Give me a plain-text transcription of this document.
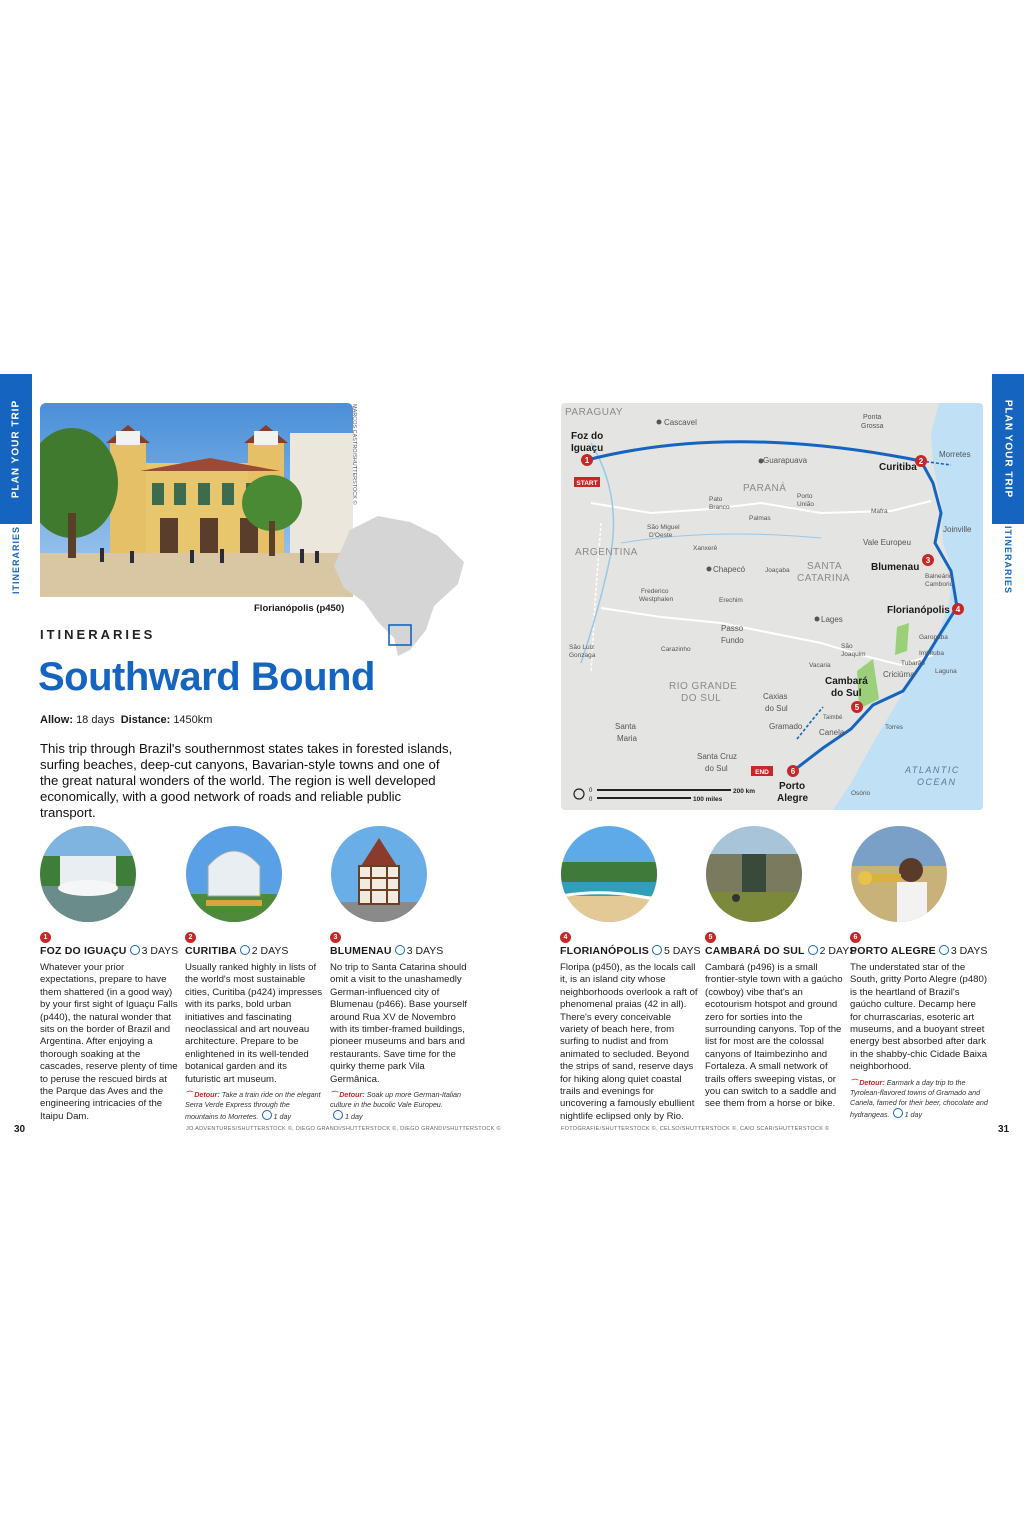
PLAN YOUR TRIP
ITINERARIES
PLAN YOUR TRIP
ITINERARIES
MARCOS CASTRO/SHUTTERSTOCK ©
Florianópolis (p450)
ITINERARIES
Southward Bound
Allow: 18 days Distance: 1450km
This trip through Brazil's southernmost states takes in forested islands, surfing beaches, deep-cut canyons, Bavarian-style towns and one of the great natural wonders of the world. The region is well developed economically, with a good network of roads and reliable public transport.
1
FOZ DO IGUAÇU 3 DAYS
Whatever your prior expectations, prepare to have them shattered (in a good way) by your first sight of Iguaçu Falls (p440), the natural wonder that sits on the border of Brazil and Argentina. After enjoying a thorough soaking at the cascades, reserve plenty of time to peruse the rescued birds at the Parque das Aves and the engineering intricacies of the Itaipu Dam.
2
CURITIBA 2 DAYS
Usually ranked highly in lists of the world's most sustainable cities, Curitiba (p424) impresses with its parks, bold urban initiatives and fascinating neoclassical and art nouveau architecture. Prepare to be enlightened in its well-tended botanical garden and its futuristic art museum.
⌒ Detour: Take a train ride on the elegant Serra Verde Express through the mountains to Morretes. 1 day
3
BLUMENAU 3 DAYS
No trip to Santa Catarina should omit a visit to the unashamedly German-influenced city of Blumenau (p466). Base yourself around Rua XV de Novembro with its timber-framed buildings, pioneer museums and bars and restaurants. Save time for the quirky theme park Vila Germânica.
⌒ Detour: Soak up more German-Italian culture in the bucolic Vale Europeu.
1 day
4
FLORIANÓPOLIS 5 DAYS
Floripa (p450), as the locals call it, is an island city whose neighborhoods overlook a raft of phenomenal praias (42 in all). There's every conceivable variety of beach here, from surfing to nudist and from animated to secluded. Beyond the strips of sand, reserve days for hiking along quiet coastal trails and evenings for uncovering a famously ebullient nightlife eclipsed only by Rio.
5
CAMBARÁ DO SUL 2 DAYS
Cambará (p496) is a small frontier-style town with a gaúcho (cowboy) vibe that's an ecotourism hotspot and ground zero for sorties into the surrounding canyons. Top of the list for most are the colossal canyons of Itaimbezinho and Fortaleza. A small network of trails offers sweeping vistas, or you can switch to a saddle and see them from a horse or bike.
6
PORTO ALEGRE 3 DAYS
The understated star of the South, gritty Porto Alegre (p480) is the heartland of Brazil's gaúcho culture. Decamp here for churrascarias, esoteric art museums, and a buoyant street energy best absorbed after dark in the shabby-chic Cidade Baixa neighborhood.
⌒ Detour: Earmark a day trip to the Tyrolean-flavored towns of Gramado and Canela, famed for their beer, chocolate and hydrangeas. 1 day
30	31
JO ADVENTURES/SHUTTERSTOCK ©, DIEGO GRANDI/SHUTTERSTOCK ©, DIEGO GRANDI/SHUTTERSTOCK ©	FOTOGRAFIE/SHUTTERSTOCK ©, CELSO/SHUTTERSTOCK ©, CAIO SCAR/SHUTTERSTOCK ©
1	2
3
4
5
6
START
END
PARAGUAY
ARGENTINA
PARANÁ
SANTA
CATARINA
RIO GRANDE
DO SUL
ATLANTIC
OCEAN
Foz do
Iguaçu
Curitiba
Blumenau
Florianópolis
Cambará
do Sul
Porto
Alegre
Cascavel
Guarapuava
Ponta
Grossa
Morretes
Joinville
Vale Europeu
Balneário
Camboriú
Pato
Branco
Porto
União
Mafra
Palmas
São Miguel
D'Oeste
Xanxerê
Chapecó	Joaçaba
Frederico
Westphalen	Erechim
Lages
São
Joaquim
Garopaba
Imbituba
Tubarão
Laguna
Criciúma
Passo
Fundo
Vacaria
Carazinho
São Luiz
Gonzaga
Caxias
do Sul
Gramado
Canela
Taimbé
Torres
Santa
Maria
Santa Cruz
do Sul
Osório
0
0
200 km
100 miles
